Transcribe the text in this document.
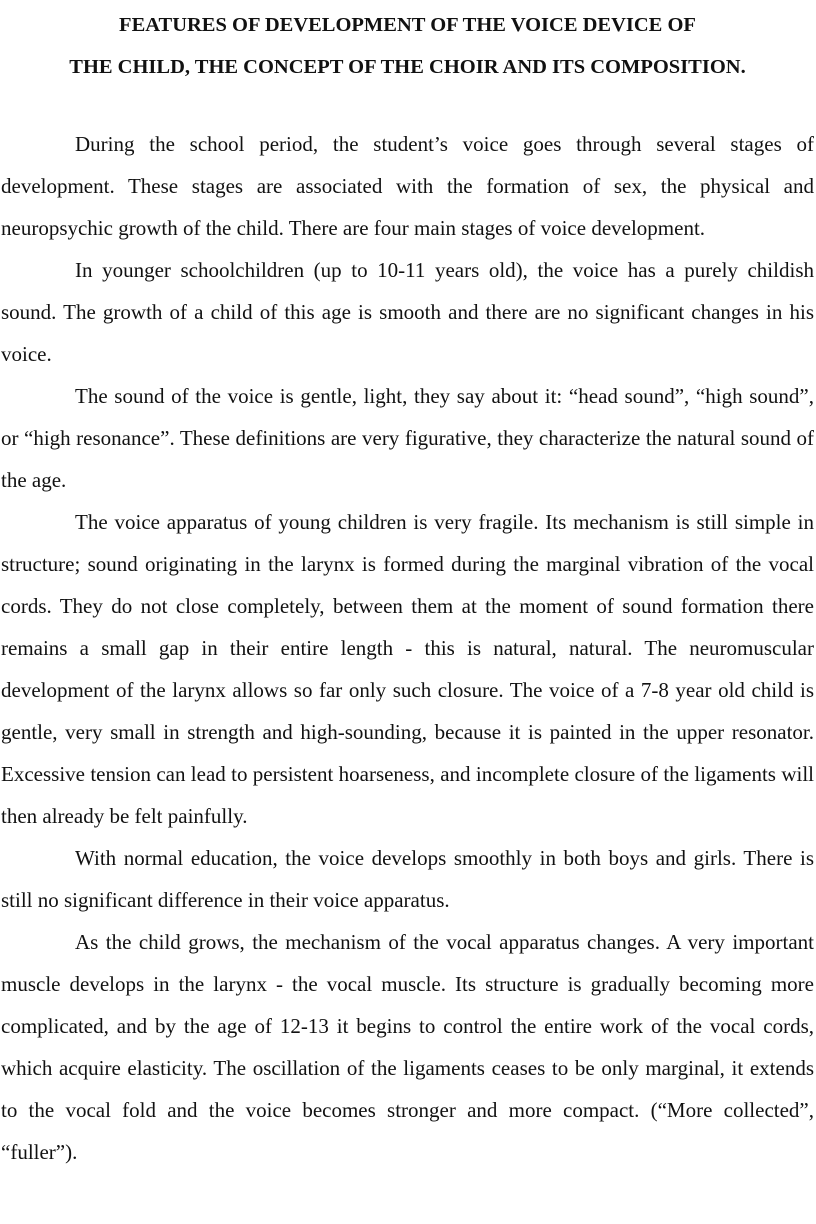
FEATURES OF DEVELOPMENT OF THE VOICE DEVICE OF
THE CHILD, THE CONCEPT OF THE CHOIR AND ITS COMPOSITION.

During the school period, the student’s voice goes through several stages of development. These stages are associated with the formation of sex, the physical and neuropsychic growth of the child. There are four main stages of voice development.

In younger schoolchildren (up to 10-11 years old), the voice has a purely childish sound. The growth of a child of this age is smooth and there are no significant changes in his voice.

The sound of the voice is gentle, light, they say about it: “head sound”, “high sound”, or “high resonance”. These definitions are very figurative, they characterize the natural sound of the age.

The voice apparatus of young children is very fragile. Its mechanism is still simple in structure; sound originating in the larynx is formed during the marginal vibration of the vocal cords. They do not close completely, between them at the moment of sound formation there remains a small gap in their entire length - this is natural, natural. The neuromuscular development of the larynx allows so far only such closure. The voice of a 7-8 year old child is gentle, very small in strength and high-sounding, because it is painted in the upper resonator. Excessive tension can lead to persistent hoarseness, and incomplete closure of the ligaments will then already be felt painfully.

With normal education, the voice develops smoothly in both boys and girls. There is still no significant difference in their voice apparatus.

As the child grows, the mechanism of the vocal apparatus changes. A very important muscle develops in the larynx - the vocal muscle. Its structure is gradually becoming more complicated, and by the age of 12-13 it begins to control the entire work of the vocal cords, which acquire elasticity. The oscillation of the ligaments ceases to be only marginal, it extends to the vocal fold and the voice becomes stronger and more compact. (“More collected”, “fuller”).
